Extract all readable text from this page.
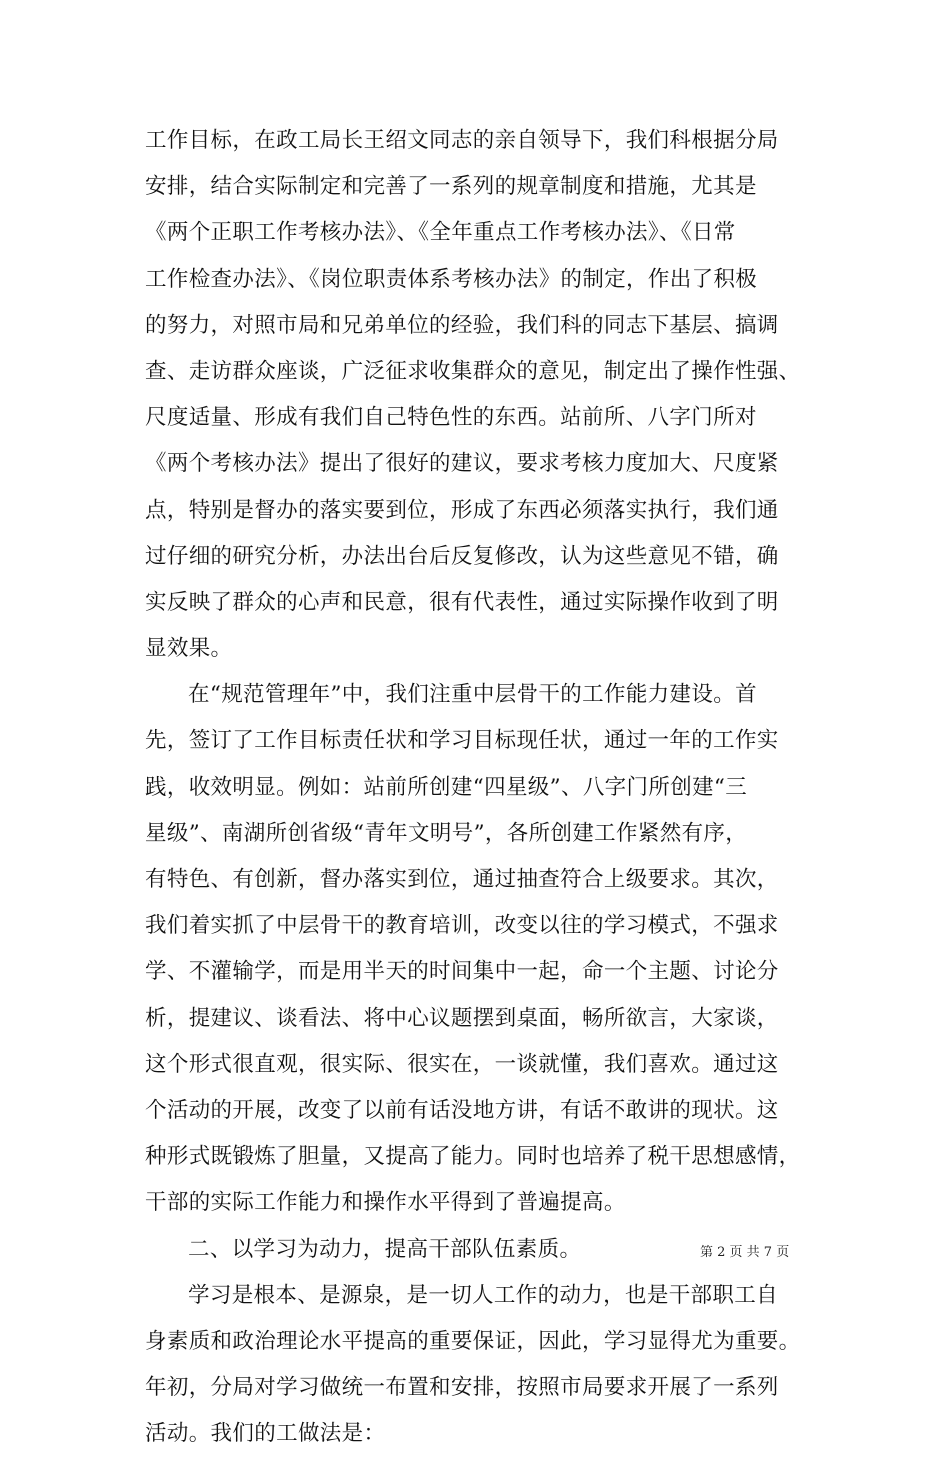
工作目标，在政工局长王绍文同志的亲自领导下，我们科根据分局
安排，结合实际制定和完善了一系列的规章制度和措施，尤其是
《两个正职工作考核办法》、《全年重点工作考核办法》、《日常
工作检查办法》、《岗位职责体系考核办法》的制定，作出了积极
的努力，对照市局和兄弟单位的经验，我们科的同志下基层、搞调
查、走访群众座谈，广泛征求收集群众的意见，制定出了操作性强、
尺度适量、形成有我们自己特色性的东西。站前所、八字门所对
《两个考核办法》提出了很好的建议，要求考核力度加大、尺度紧
点，特别是督办的落实要到位，形成了东西必须落实执行，我们通
过仔细的研究分析，办法出台后反复修改，认为这些意见不错，确
实反映了群众的心声和民意，很有代表性，通过实际操作收到了明
显效果。
在“规范管理年”中，我们注重中层骨干的工作能力建设。首
先，签订了工作目标责任状和学习目标现任状，通过一年的工作实
践，收效明显。例如：站前所创建“四星级”、八字门所创建“三
星级”、南湖所创省级“青年文明号”，各所创建工作紧然有序，
有特色、有创新，督办落实到位，通过抽查符合上级要求。其次，
我们着实抓了中层骨干的教育培训，改变以往的学习模式，不强求
学、不灌输学，而是用半天的时间集中一起，命一个主题、讨论分
析，提建议、谈看法、将中心议题摆到桌面，畅所欲言，大家谈，
这个形式很直观，很实际、很实在，一谈就懂，我们喜欢。通过这
个活动的开展，改变了以前有话没地方讲，有话不敢讲的现状。这
种形式既锻炼了胆量，又提高了能力。同时也培养了税干思想感情，
干部的实际工作能力和操作水平得到了普遍提高。
二、以学习为动力，提高干部队伍素质。
学习是根本、是源泉，是一切人工作的动力，也是干部职工自
身素质和政治理论水平提高的重要保证，因此，学习显得尤为重要。
年初，分局对学习做统一布置和安排，按照市局要求开展了一系列
活动。我们的工做法是：
第 2 页 共 7 页
